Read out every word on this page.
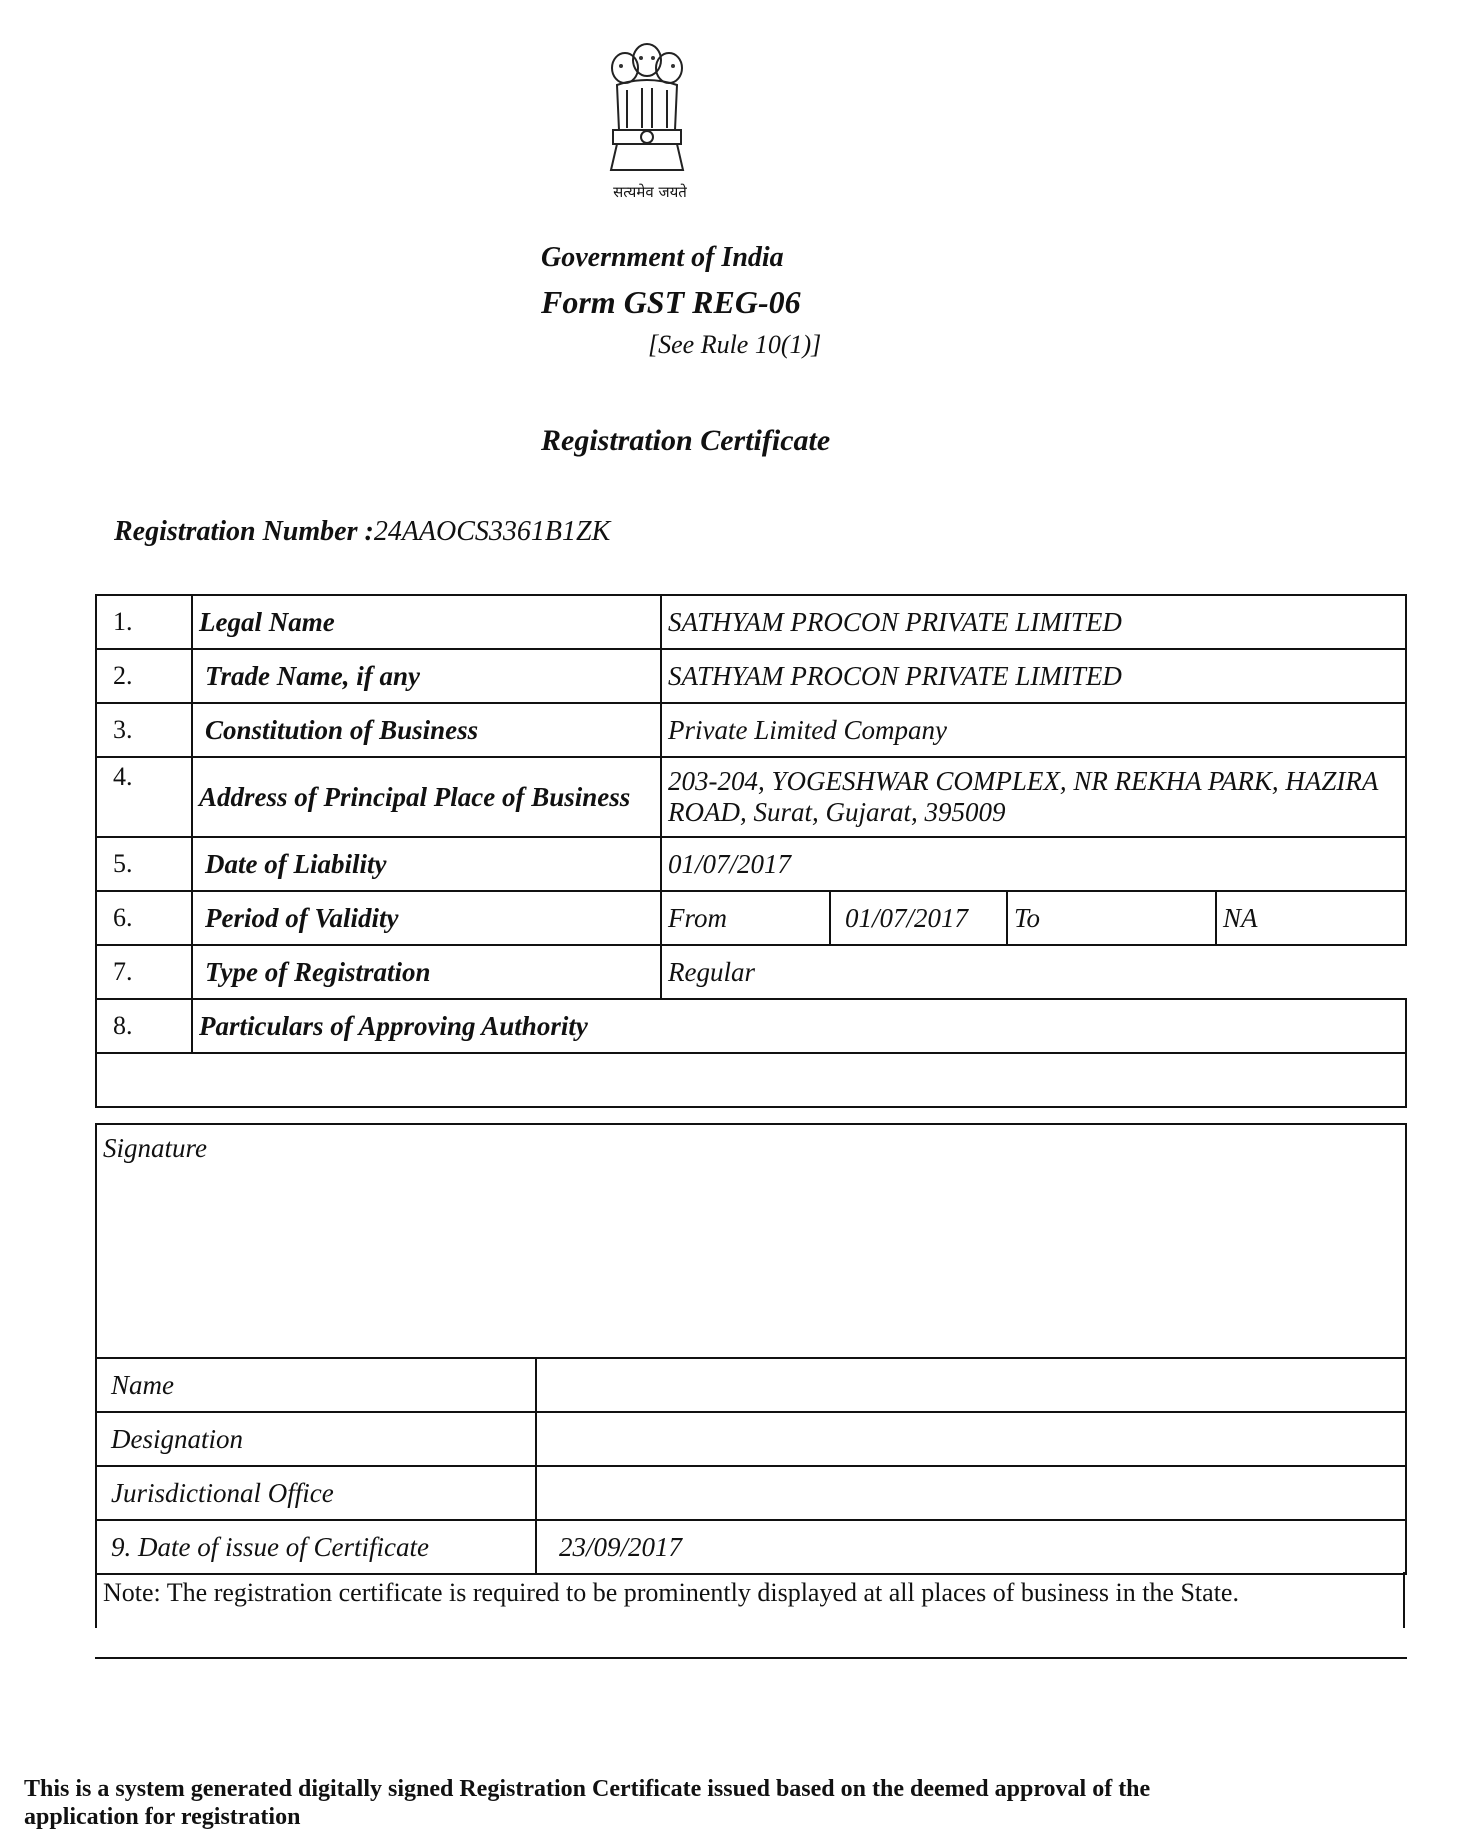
सत्यमेव जयते
Government of India
Form GST REG-06
[See Rule 10(1)]
Registration Certificate
Registration Number :24AAOCS3361B1ZK
1.	Legal Name	SATHYAM PROCON PRIVATE LIMITED			
2.	Trade Name, if any	SATHYAM PROCON PRIVATE LIMITED			
3.	Constitution of Business	Private Limited Company			
4.	Address of Principal Place of Business	203-204, YOGESHWAR COMPLEX, NR REKHA PARK, HAZIRA ROAD, Surat, Gujarat, 395009			
5.	Date of Liability	01/07/2017			
6.	Period of Validity	From	01/07/2017	To	NA
7.	Type of Registration	Regular			
8.	Particulars of Approving Authority				

Signature	
Name	
Designation	
Jurisdictional Office	
9. Date of issue of Certificate	23/09/2017
Note: The registration certificate is required to be prominently displayed at all places of business in the State.
This is a system generated digitally signed Registration Certificate issued based on the deemed approval of the application for registration
